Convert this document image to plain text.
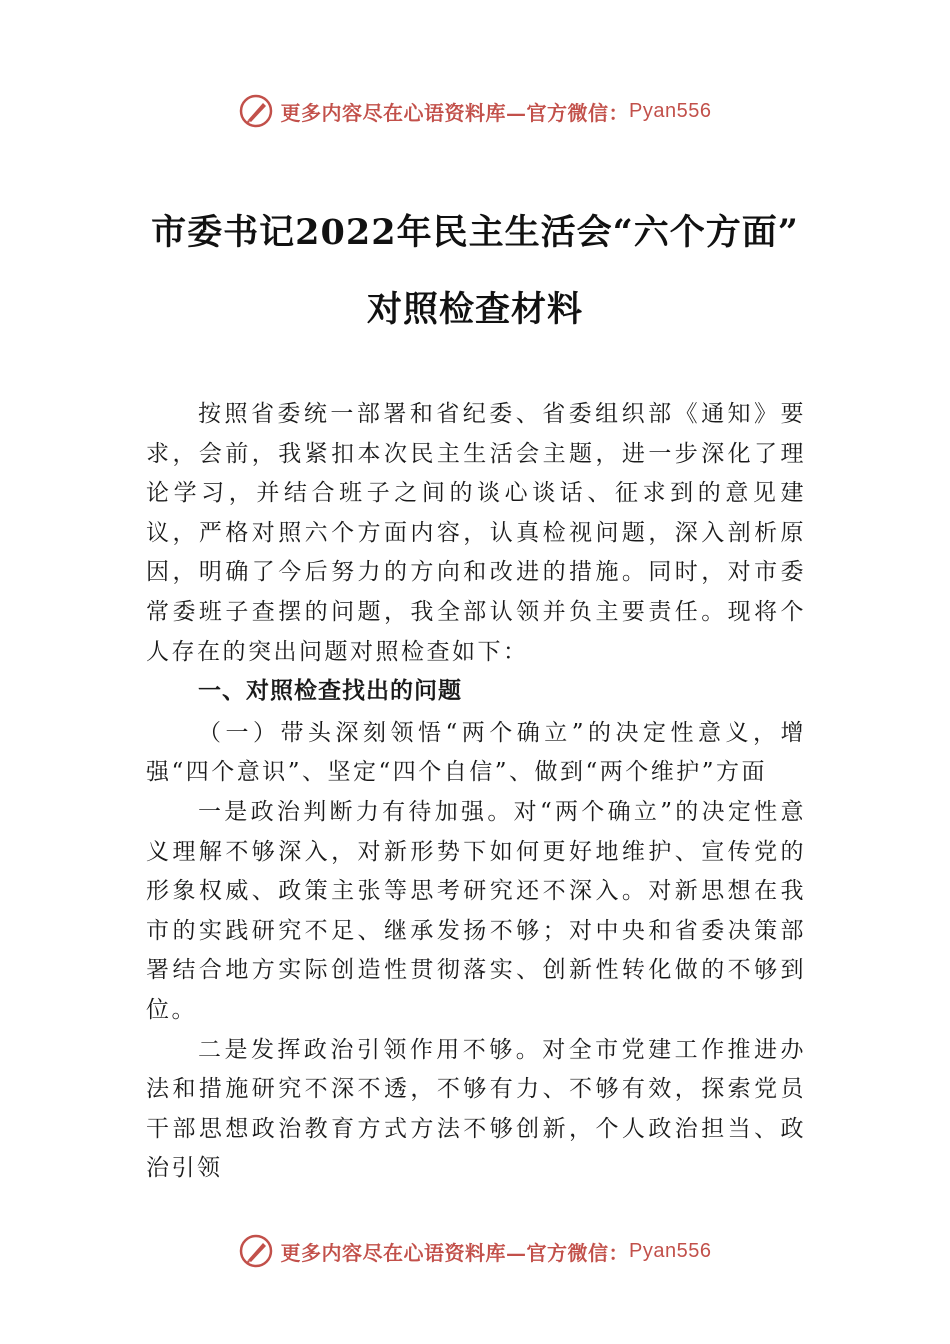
更多内容尽在心语资料库—官方微信： Pyan556
市委书记2022年民主生活会“六个方面”
对照检查材料

按照省委统一部署和省纪委、省委组织部《通知》要求，会前，我紧扣本次民主生活会主题，进一步深化了理论学习，并结合班子之间的谈心谈话、征求到的意见建议，严格对照六个方面内容，认真检视问题，深入剖析原因，明确了今后努力的方向和改进的措施。同时，对市委常委班子查摆的问题，我全部认领并负主要责任。现将个人存在的突出问题对照检查如下：

一、对照检查找出的问题

（一）带头深刻领悟“两个确立”的决定性意义，增强“四个意识”、坚定“四个自信”、做到“两个维护”方面

一是政治判断力有待加强。对“两个确立”的决定性意义理解不够深入，对新形势下如何更好地维护、宣传党的形象权威、政策主张等思考研究还不深入。对新思想在我市的实践研究不足、继承发扬不够；对中央和省委决策部署结合地方实际创造性贯彻落实、创新性转化做的不够到位。

二是发挥政治引领作用不够。对全市党建工作推进办法和措施研究不深不透，不够有力、不够有效，探索党员干部思想政治教育方式方法不够创新，个人政治担当、政治引领

更多内容尽在心语资料库—官方微信： Pyan556
